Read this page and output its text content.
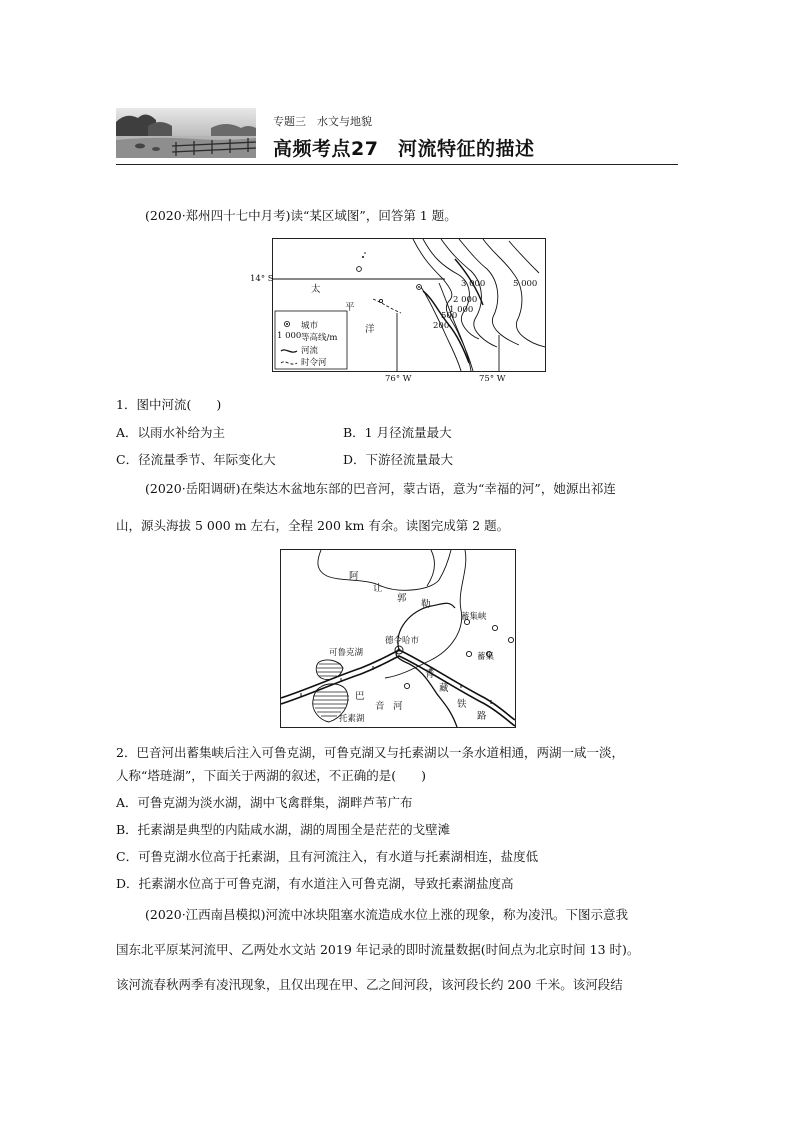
专题三　水文与地貌
高频考点27　河流特征的描述
(2020·郑州四十七中月考)读“某区域图”，回答第 1 题。
14° S
76° W	75° W
太
平
洋
3 000
2 000
1 000
500
200
5 000
城市
1 000 等高线/m
河流
时令河
1．图中河流(　　)
A．以雨水补给为主	B．1 月径流量最大
C．径流量季节、年际变化大	D．下游径流量最大
(2020·岳阳调研)在柴达木盆地东部的巴音河，蒙古语，意为“幸福的河”，她源出祁连
山，源头海拔 5 000 m 左右，全程 200 km 有余。读图完成第 2 题。
阿
让
郭
勒
蓄集峡
德令哈市
可鲁克湖	蓄集
巴
音 河
青
藏
铁
路
托素湖
2．巴音河出蓄集峡后注入可鲁克湖，可鲁克湖又与托素湖以一条水道相通，两湖一咸一淡，
人称“塔琏湖”，下面关于两湖的叙述，不正确的是(　　)
A．可鲁克湖为淡水湖，湖中飞禽群集，湖畔芦苇广布
B．托素湖是典型的内陆咸水湖，湖的周围全是茫茫的戈壁滩
C．可鲁克湖水位高于托素湖，且有河流注入，有水道与托素湖相连，盐度低
D．托素湖水位高于可鲁克湖，有水道注入可鲁克湖，导致托素湖盐度高
(2020·江西南昌模拟)河流中冰块阻塞水流造成水位上涨的现象，称为凌汛。下图示意我
国东北平原某河流甲、乙两处水文站 2019 年记录的即时流量数据(时间点为北京时间 13 时)。
该河流春秋两季有凌汛现象，且仅出现在甲、乙之间河段，该河段长约 200 千米。该河段结
